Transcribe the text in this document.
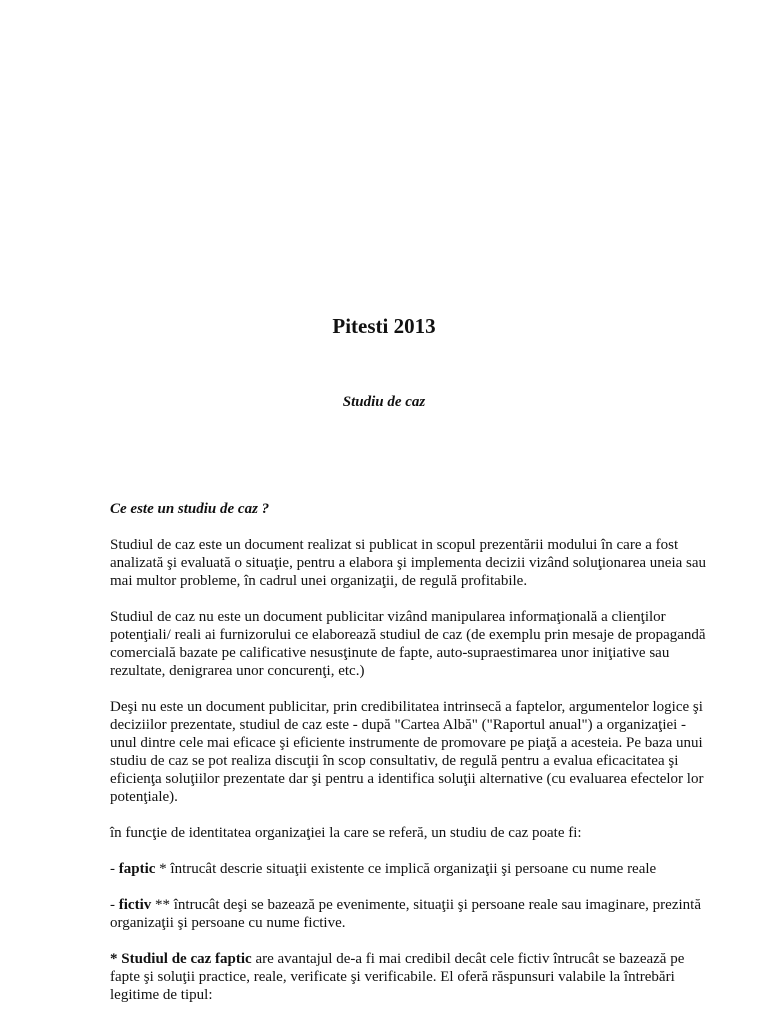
Pitesti 2013
Studiu de caz

Ce este un studiu de caz ?

Studiul de caz este un document realizat si publicat in scopul prezentării modului în care a fost analizată şi evaluată o situaţie, pentru a elabora şi implementa decizii vizând soluţionarea uneia sau mai multor probleme, în cadrul unei organizaţii, de regulă profitabile.

Studiul de caz nu este un document publicitar vizând manipularea informaţională a clienţilor potenţiali/ reali ai furnizorului ce elaborează studiul de caz (de exemplu prin mesaje de propagandă comercială bazate pe calificative nesusţinute de fapte, auto-supraestimarea unor iniţiative sau rezultate, denigrarea unor concurenţi, etc.)

Deşi nu este un document publicitar, prin credibilitatea intrinsecă a faptelor, argumentelor logice şi deciziilor prezentate, studiul de caz este - după "Cartea Albă" ("Raportul anual") a organizaţiei - unul dintre cele mai eficace şi eficiente instrumente de promovare pe piaţă a acesteia. Pe baza unui studiu de caz se pot realiza discuţii în scop consultativ, de regulă pentru a evalua eficacitatea şi eficienţa soluţiilor prezentate dar şi pentru a identifica soluţii alternative (cu evaluarea efectelor lor potenţiale).

în funcţie de identitatea organizaţiei la care se referă, un studiu de caz poate fi:

- faptic * întrucât descrie situaţii existente ce implică organizaţii şi persoane cu nume reale

- fictiv ** întrucât deşi se bazează pe evenimente, situaţii şi persoane reale sau imaginare, prezintă organizaţii şi persoane cu nume fictive.

* Studiul de caz faptic are avantajul de-a fi mai credibil decât cele fictiv întrucât se bazează pe fapte şi soluţii practice, reale, verificate şi verificabile. El oferă răspunsuri valabile la întrebări legitime de tipul:
